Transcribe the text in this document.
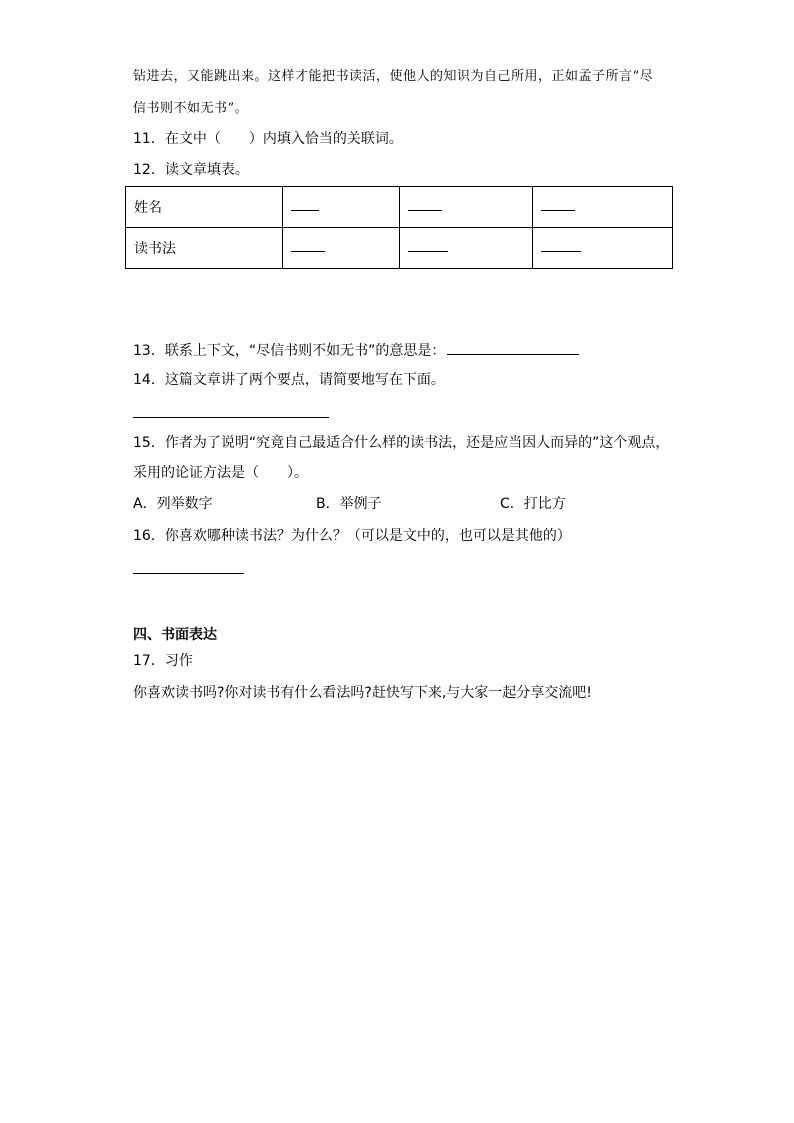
钻进去，又能跳出来。这样才能把书读活，使他人的知识为自己所用，正如孟子所言“尽
信书则不如无书”。
11．在文中（　　）内填入恰当的关联词。
12．读文章填表。
姓名			
读书法			
13．联系上下文，“尽信书则不如无书”的意思是：
14．这篇文章讲了两个要点，请简要地写在下面。
15．作者为了说明“究竟自己最适合什么样的读书法，还是应当因人而异的”这个观点，
采用的论证方法是（　　）。
A．列举数字	B．举例子	C．打比方
16．你喜欢哪种读书法？为什么？（可以是文中的，也可以是其他的）
四、书面表达
17．习作
你喜欢读书吗?你对读书有什么看法吗?赶快写下来,与大家一起分享交流吧!
